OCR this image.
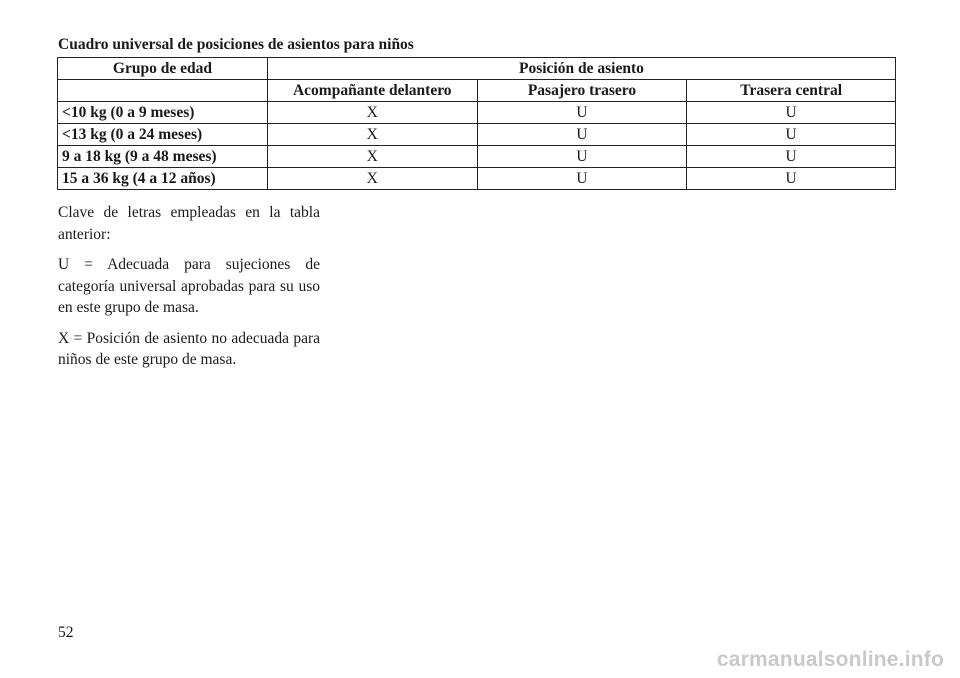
Cuadro universal de posiciones de asientos para niños
Grupo de edad	Posición de asiento		
	Acompañante delantero	Pasajero trasero	Trasera central
<10 kg (0 a 9 meses)	X	U	U
<13 kg (0 a 24 meses)	X	U	U
9 a 18 kg (9 a 48 meses)	X	U	U
15 a 36 kg (4 a 12 años)	X	U	U

Clave de letras empleadas en la tabla anterior:

U = Adecuada para sujeciones de categoría universal aprobadas para su uso en este grupo de masa.

X = Posición de asiento no adecuada para niños de este grupo de masa.

52
carmanualsonline.info
